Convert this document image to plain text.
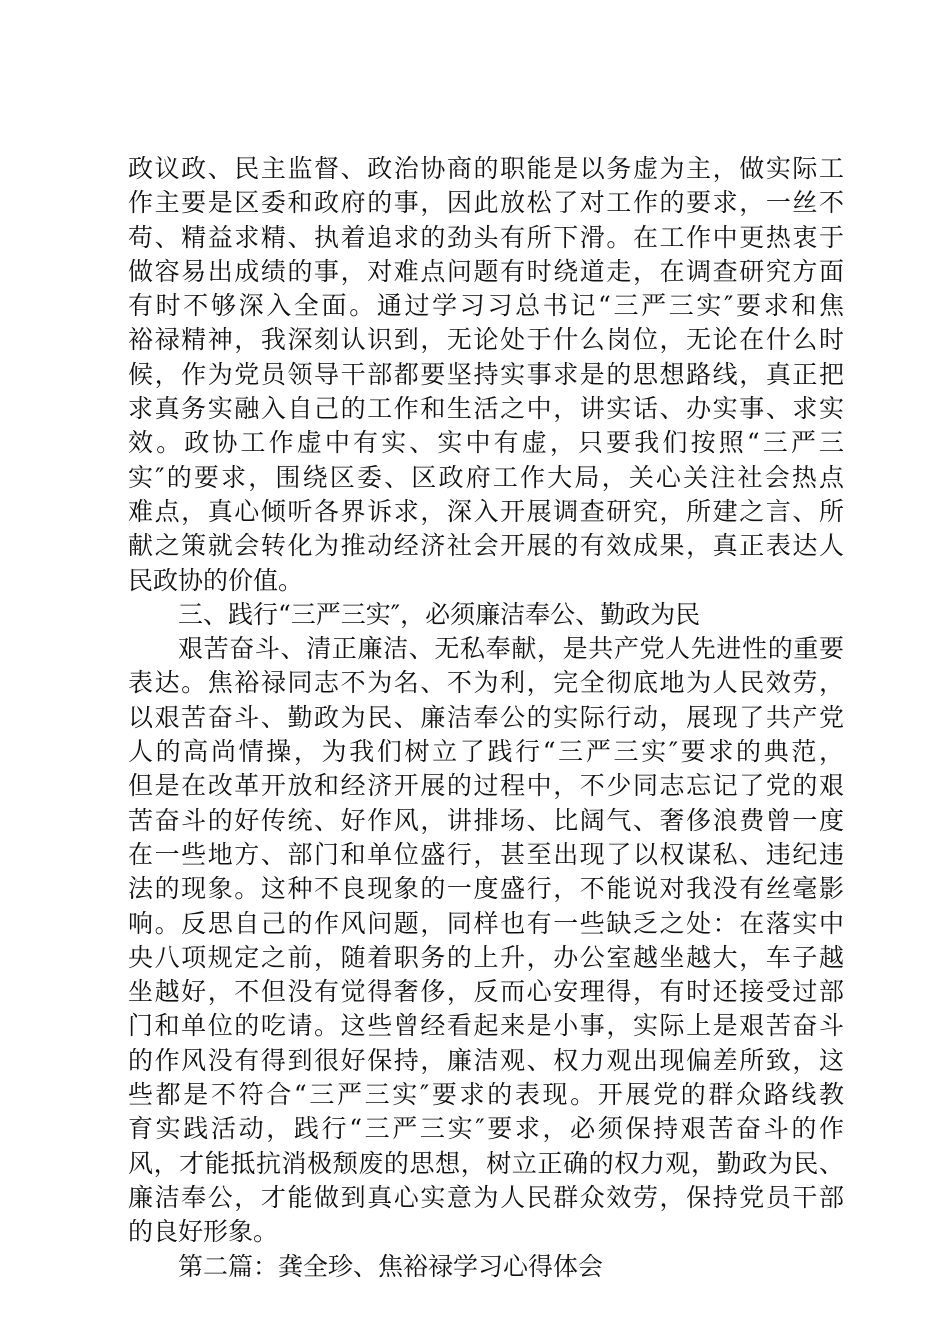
政议政、民主监督、政治协商的职能是以务虚为主，做实际工
作主要是区委和政府的事，因此放松了对工作的要求，一丝不
苟、精益求精、执着追求的劲头有所下滑。在工作中更热衷于
做容易出成绩的事，对难点问题有时绕道走，在调查研究方面
有时不够深入全面。通过学习习总书记“三严三实″要求和焦
裕禄精神，我深刻认识到，无论处于什么岗位，无论在什么时
候，作为党员领导干部都要坚持实事求是的思想路线，真正把
求真务实融入自己的工作和生活之中，讲实话、办实事、求实
效。政协工作虚中有实、实中有虚，只要我们按照“三严三
实″的要求，围绕区委、区政府工作大局，关心关注社会热点
难点，真心倾听各界诉求，深入开展调查研究，所建之言、所
献之策就会转化为推动经济社会开展的有效成果，真正表达人
民政协的价值。
三、践行“三严三实″，必须廉洁奉公、勤政为民
艰苦奋斗、清正廉洁、无私奉献，是共产党人先进性的重要
表达。焦裕禄同志不为名、不为利，完全彻底地为人民效劳，
以艰苦奋斗、勤政为民、廉洁奉公的实际行动，展现了共产党
人的高尚情操，为我们树立了践行“三严三实″要求的典范，
但是在改革开放和经济开展的过程中，不少同志忘记了党的艰
苦奋斗的好传统、好作风，讲排场、比阔气、奢侈浪费曾一度
在一些地方、部门和单位盛行，甚至出现了以权谋私、违纪违
法的现象。这种不良现象的一度盛行，不能说对我没有丝毫影
响。反思自己的作风问题，同样也有一些缺乏之处：在落实中
央八项规定之前，随着职务的上升，办公室越坐越大，车子越
坐越好，不但没有觉得奢侈，反而心安理得，有时还接受过部
门和单位的吃请。这些曾经看起来是小事，实际上是艰苦奋斗
的作风没有得到很好保持，廉洁观、权力观出现偏差所致，这
些都是不符合“三严三实″要求的表现。开展党的群众路线教
育实践活动，践行“三严三实″要求，必须保持艰苦奋斗的作
风，才能抵抗消极颓废的思想，树立正确的权力观，勤政为民、
廉洁奉公，才能做到真心实意为人民群众效劳，保持党员干部
的良好形象。
第二篇：龚全珍、焦裕禄学习心得体会
